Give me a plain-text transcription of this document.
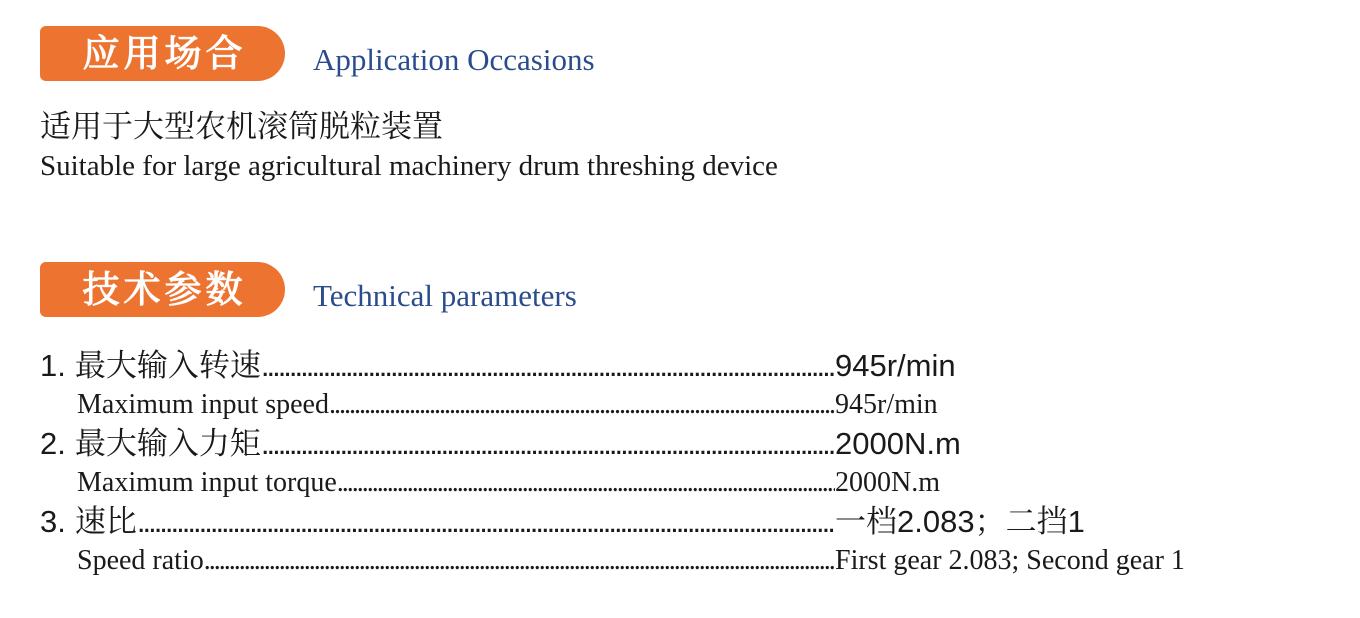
应用场合 Application Occasions
适用于大型农机滚筒脱粒装置
Suitable for large agricultural machinery drum threshing device
技术参数 Technical parameters
1. 最大输入转速 .....	945r/min
Maximum input speed .....	945r/min
2. 最大输入力矩 .....	2000N.m
Maximum input torque .....	2000N.m
3. 速比 .....	一档2.083；二挡1
Speed ratio .....	First gear 2.083; Second gear 1
